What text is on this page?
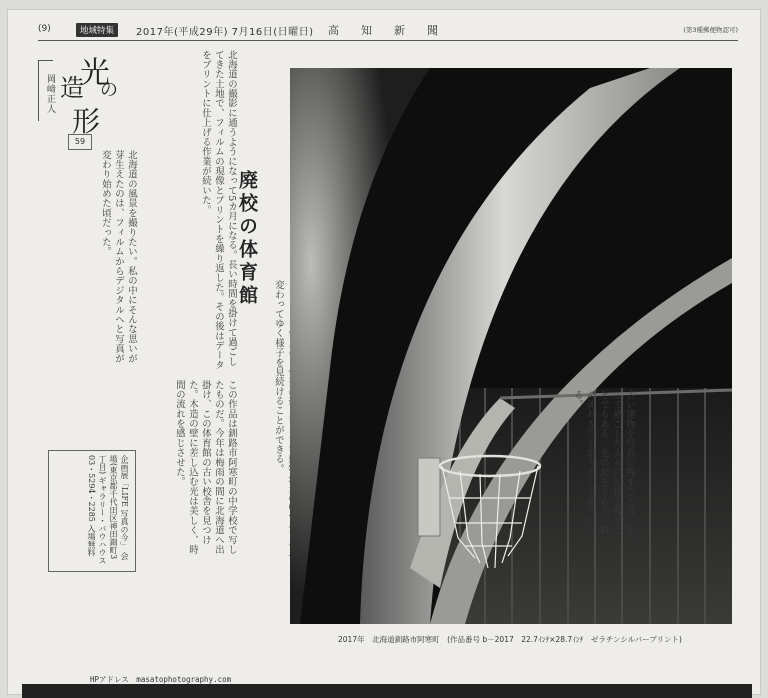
(9)	地域特集	2017年(平成29年) 7月16日(日曜日) 高知新聞	(第3種郵便物認可)
光
の
造
形
岡﨑正人
59
北海道の風景を撮りたい。私の中にそんな思いが芽生えたのは、フィルムからデジタルへと写真が変わり始めた頃だった。	北海道の撮影に通うようになって5カ月になる。長い時間を掛けて過ごしてきた土地で、フィルムの現像とプリントを繰り返した。その後はデータをプリントに仕上げる作業が続いた。
この作品は釧路市阿寒町の中学校で写したものだ。今年は梅雨の間に北海道へ出掛け、この体育館の古い校舎を見つけた。木造の壁に差し込む光は美しく、時間の流れを感じさせた。
変わってゆく様子を見続けることができる。
廃校の体育館
企画展「LIFE 写真の今」 会場(東京都千代田区神田錦町3丁目) ギャラリー・バウハウス 03・5294・2285 入場無料	古い建物を写真に残すことは、そこで過ごした人々の記憶を残すことでもある。光の形をとらえ、時の流れを写し取りたいと願っている。
2017年　北海道釧路市阿寒町　(作品番号 b－2017　22.7ｲﾝﾁ×28.7ｲﾝﾁ　ゼラチンシルバープリント)
HPアドレス　masatophotography.com
